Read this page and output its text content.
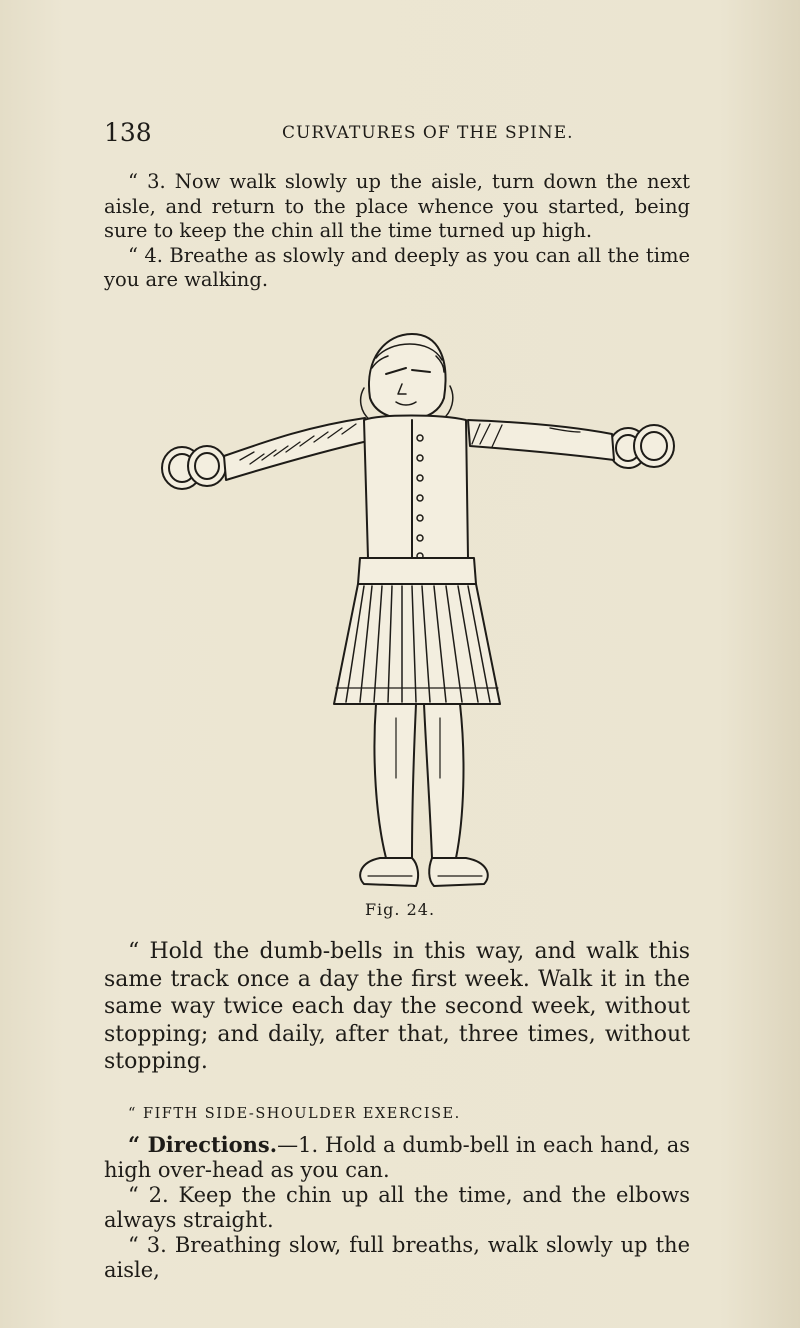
138	CURVATURES OF THE SPINE.

“ 3. Now walk slowly up the aisle, turn down the next aisle, and return to the place whence you started, being sure to keep the chin all the time turned up high.

“ 4. Breathe as slowly and deeply as you can all the time you are walking.

Fig. 24.

“ Hold the dumb-bells in this way, and walk this same track once a day the first week. Walk it in the same way twice each day the second week, without stopping; and daily, after that, three times, without stopping.

“ FIFTH SIDE-SHOULDER EXERCISE.

“ Directions.—1. Hold a dumb-bell in each hand, as high over-head as you can.

“ 2. Keep the chin up all the time, and the elbows always straight.

“ 3. Breathing slow, full breaths, walk slowly up the aisle,
